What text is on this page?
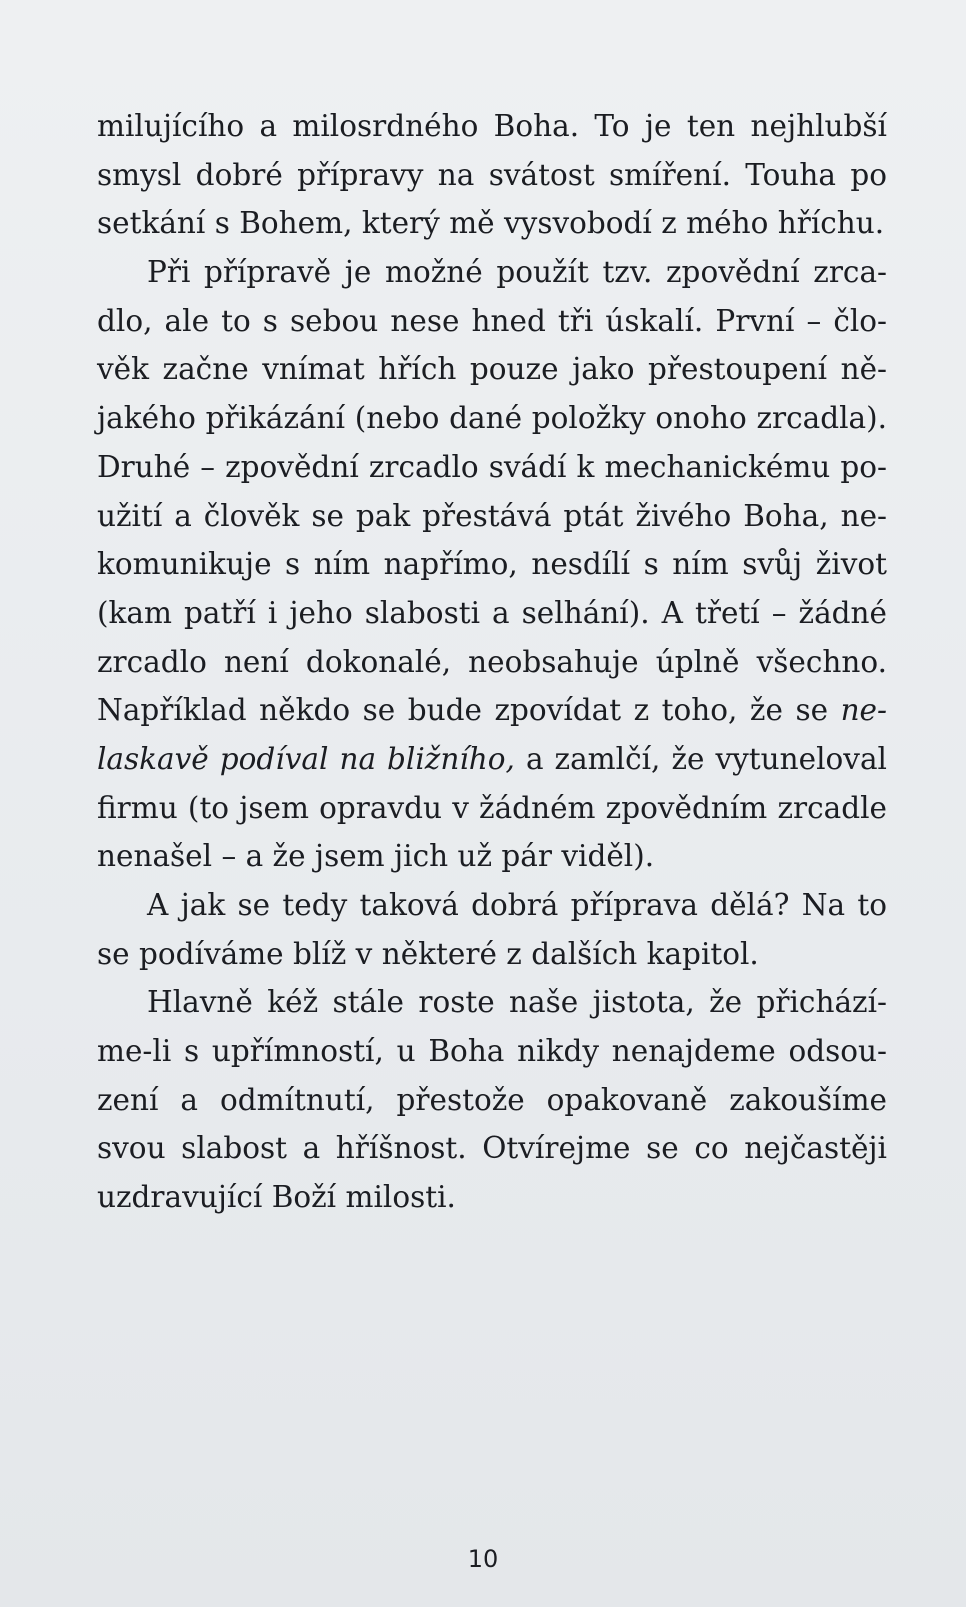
milujícího a milosrdného Boha. To je ten nejhlubší
smysl dobré přípravy na svátost smíření. Touha po
setkání s Bohem, který mě vysvobodí z mého hříchu.
Při přípravě je možné použít tzv. zpovědní zrca-
dlo, ale to s sebou nese hned tři úskalí. První – člo-
věk začne vnímat hřích pouze jako přestoupení ně-
jakého přikázání (nebo dané položky onoho zrcadla).
Druhé – zpovědní zrcadlo svádí k mechanickému po-
užití a člověk se pak přestává ptát živého Boha, ne-
komunikuje s ním napřímo, nesdílí s ním svůj život
(kam patří i jeho slabosti a selhání). A třetí – žádné
zrcadlo není dokonalé, neobsahuje úplně všechno.
Například někdo se bude zpovídat z toho, že se ne-
laskavě podíval na bližního, a zamlčí, že vytuneloval
firmu (to jsem opravdu v žádném zpovědním zrcadle
nenašel – a že jsem jich už pár viděl).
A jak se tedy taková dobrá příprava dělá? Na to
se podíváme blíž v některé z dalších kapitol.
Hlavně kéž stále roste naše jistota, že přichází-
me-li s upřímností, u Boha nikdy nenajdeme odsou-
zení a odmítnutí, přestože opakovaně zakoušíme
svou slabost a hříšnost. Otvírejme se co nejčastěji
uzdravující Boží milosti.
10
